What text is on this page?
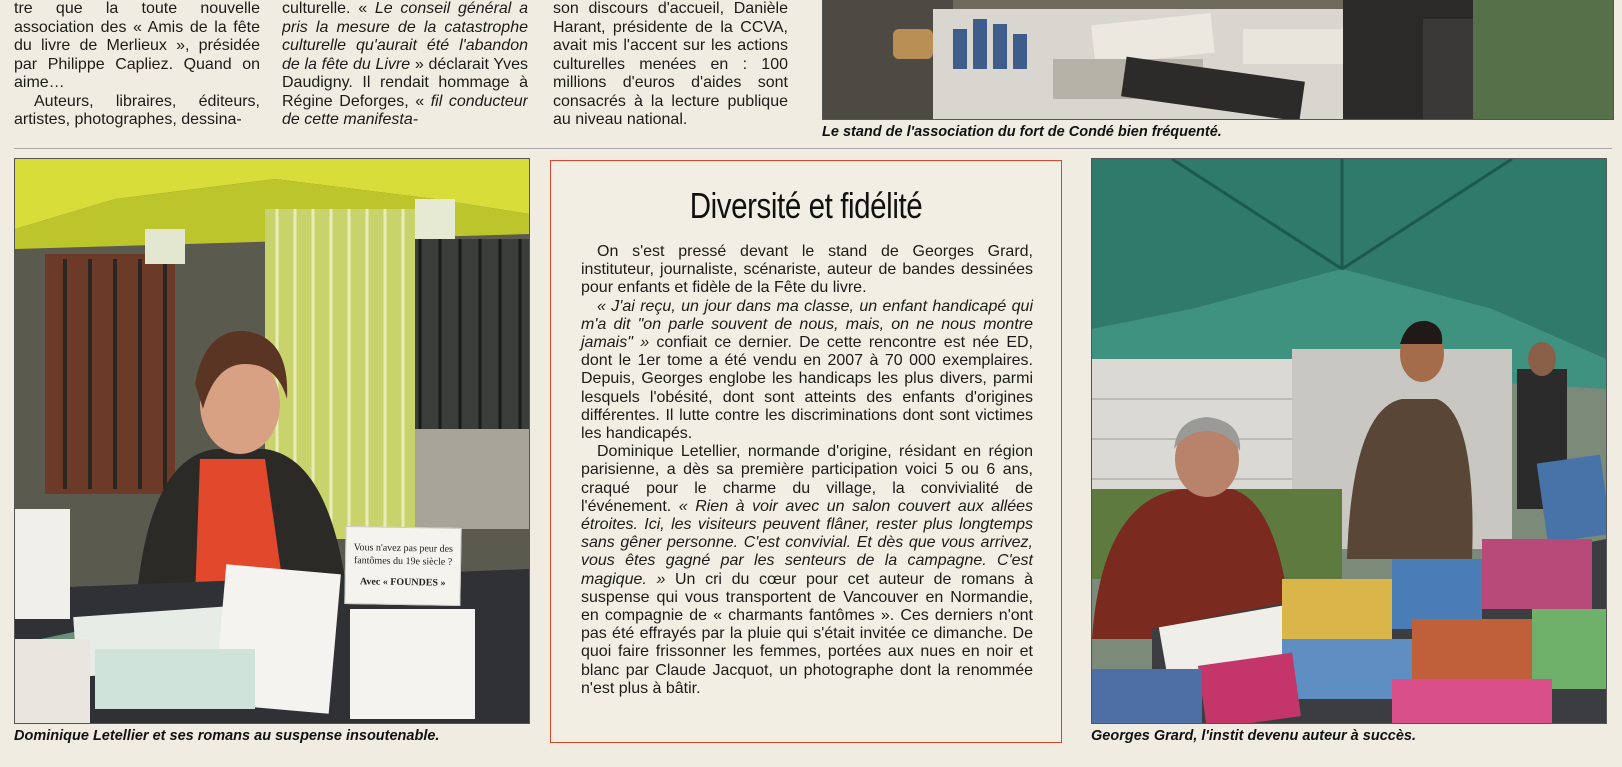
tre que la toute nouvelle association des « Amis de la fête du livre de Merlieux », présidée par Philippe Capliez. Quand on aime…

Auteurs, libraires, éditeurs, artistes, photographes, dessina-

culturelle. « Le conseil général a pris la mesure de la catastrophe culturelle qu'aurait été l'abandon de la fête du Livre » déclarait Yves Daudigny. Il rendait hommage à Régine Deforges, « fil conducteur de cette manifesta-

son discours d'accueil, Danièle Harant, présidente de la CCVA, avait mis l'accent sur les actions culturelles menées en : 100 millions d'euros d'aides sont consacrés à la lecture publique au niveau national.

Le stand de l'association du fort de Condé bien fréquenté.
Vous n'avez pas peur des fantômes du 19e siècle ?
Avec « FOUNDES »
Dominique Letellier et ses romans au suspense insoutenable.
Diversité et fidélité

On s'est pressé devant le stand de Georges Grard, instituteur, journaliste, scénariste, auteur de bandes dessinées pour enfants et fidèle de la Fête du livre.

« J'ai reçu, un jour dans ma classe, un enfant handicapé qui m'a dit "on parle souvent de nous, mais, on ne nous montre jamais" » confiait ce dernier. De cette rencontre est née ED, dont le 1er tome a été vendu en 2007 à 70 000 exemplaires. Depuis, Georges englobe les handicaps les plus divers, parmi lesquels l'obésité, dont sont atteints des enfants d'origines différentes. Il lutte contre les discriminations dont sont victimes les handicapés.

Dominique Letellier, normande d'origine, résidant en région parisienne, a dès sa première participation voici 5 ou 6 ans, craqué pour le charme du village, la convivialité de l'événement. « Rien à voir avec un salon couvert aux allées étroites. Ici, les visiteurs peuvent flâner, rester plus longtemps sans gêner personne. C'est convivial. Et dès que vous arrivez, vous êtes gagné par les senteurs de la campagne. C'est magique. » Un cri du cœur pour cet auteur de romans à suspense qui vous transportent de Vancouver en Normandie, en compagnie de « charmants fantômes ». Ces derniers n'ont pas été effrayés par la pluie qui s'était invitée ce dimanche. De quoi faire frissonner les femmes, portées aux nues en noir et blanc par Claude Jacquot, un photographe dont la renommée n'est plus à bâtir.

Georges Grard, l'instit devenu auteur à succès.
